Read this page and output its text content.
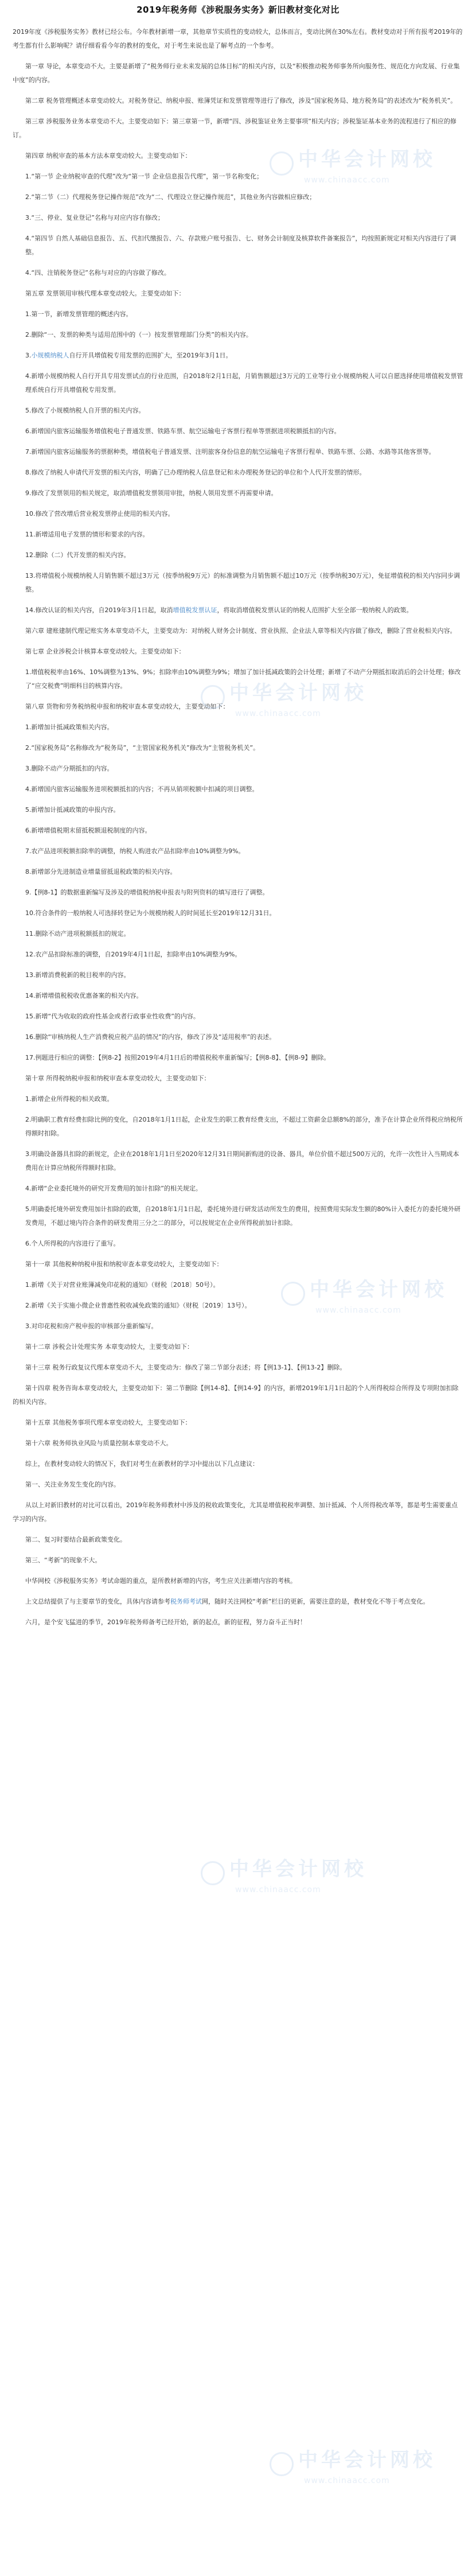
2019年税务师《涉税服务实务》新旧教材变化对比

2019年度《涉税服务实务》教材已经公布。今年教材新增一章，其他章节实质性的变动较大，总体而言，变动比例在30%左右。教材变动对于所有报考2019年的考生都有什么影响呢？请仔细看看今年的教材的变化，对于考生来说也是了解考点的一个参考。

第一章 导论，本章变动不大。主要是新增了“税务师行业未来发展的总体目标”的相关内容，以及“积极推动税务师事务所向服务性、规范化方向发展、行业集中度”的内容。

第二章 税务管理概述本章变动较大。对税务登记、纳税申报、账簿凭证和发票管理等进行了修改，涉及“国家税务局、地方税务局”的表述改为“税务机关”。

第三章 涉税服务业务本章变动不大。主要变动如下：第三章第一节，新增“四、涉税鉴证业务主要事项”相关内容；涉税鉴证基本业务的流程进行了相应的修订。

第四章 纳税审查的基本方法本章变动较大。主要变动如下：

1.“第一节 企业纳税审查的代理”改为“第一节 企业信息报告代理”，第一节名称变化；

2.“第二节（二）代理税务登记操作规范”改为“二、代理设立登记操作规范”，其他业务内容做相应修改；

3.“三、停业、复业登记”名称与对应内容有修改；

4.“第四节 自然人基础信息报告、五、代扣代缴报告、六、存款账户账号报告、七、财务会计制度及核算软件备案报告”，均按照新规定对相关内容进行了调整。

4.“四、注销税务登记”名称与对应的内容做了修改。

第五章 发票领用审核代理本章变动较大。主要变动如下：

1.第一节，新增发票管理的概述内容。

2.删除“一、发票的种类与适用范围中的（一）按发票管理部门分类”的相关内容。

3.小规模纳税人自行开具增值税专用发票的范围扩大，至2019年3月1日。

4.新增小规模纳税人自行开具专用发票试点的行业范围，自2018年2月1日起，月销售额超过3万元的工业等行业小规模纳税人可以自愿选择使用增值税发票管理系统自行开具增值税专用发票。

5.修改了小规模纳税人自开票的相关内容。

6.新增国内旅客运输服务增值税电子普通发票、铁路车票、航空运输电子客票行程单等票据进项税额抵扣的内容。

7.新增国内旅客运输服务的票据种类，增值税电子普通发票、注明旅客身份信息的航空运输电子客票行程单、铁路车票、公路、水路等其他客票等。

8.修改了纳税人申请代开发票的相关内容，明确了已办理纳税人信息登记和未办理税务登记的单位和个人代开发票的情形。

9.修改了发票领用的相关规定，取消增值税发票领用审批，纳税人领用发票不再需要申请。

10.修改了营改增后营业税发票停止使用的相关内容。

11.新增适用电子发票的情形和要求的内容。

12.删除（二）代开发票的相关内容。

13.将增值税小规模纳税人月销售额不超过3万元（按季纳税9万元）的标准调整为月销售额不超过10万元（按季纳税30万元），免征增值税的相关内容同步调整。

14.修改认证的相关内容，自2019年3月1日起，取消增值税发票认证，将取消增值税发票认证的纳税人范围扩大至全部一般纳税人的政策。

第六章 建账建制代理记账实务本章变动不大，主要变动为：对纳税人财务会计制度、营业执照、企业法人章等相关内容做了修改，删除了营业税相关内容。

第七章 企业涉税会计核算本章变动较大。主要变动如下：

1.增值税税率由16%、10%调整为13%、9%；扣除率由10%调整为9%；增加了加计抵减政策的会计处理；新增了不动产分期抵扣取消后的会计处理；修改了“应交税费”明细科目的核算内容。

第八章 货物和劳务税纳税申报和纳税审查本章变动较大，主要变动如下：

1.新增加计抵减政策相关内容。

2.“国家税务局”名称修改为“税务局”，“主管国家税务机关”修改为“主管税务机关”。

3.删除不动产分期抵扣的内容。

4.新增国内旅客运输服务进项税额抵扣的内容；不再从销项税额中扣减的项目调整。

5.新增加计抵减政策的申报内容。

6.新增增值税期末留抵税额退税制度的内容。

7.农产品进项税额扣除率的调整，纳税人购进农产品扣除率由10%调整为9%。

8.新增部分先进制造业增量留抵退税政策的相关内容。

9.【例8-1】的数据重新编写及涉及的增值税纳税申报表与附列资料的填写进行了调整。

10.符合条件的一般纳税人可选择转登记为小规模纳税人的时间延长至2019年12月31日。

11.删除不动产进项税额抵扣的规定。

12.农产品扣除标准的调整，自2019年4月1日起，扣除率由10%调整为9%。

13.新增消费税新的税目税率的内容。

14.新增增值税税收优惠备案的相关内容。

15.新增“代为收取的政府性基金或者行政事业性收费”的内容。

16.删除“审核纳税人生产消费税应税产品的情况”的内容，修改了涉及“适用税率”的表述。

17.例题进行相应的调整：【例8-2】按照2019年4月1日后的增值税税率重新编写；【例8-8】、【例8-9】删除。

第十章 所得税纳税申报和纳税审查本章变动较大，主要变动如下：

1.新增企业所得税的相关政策。

2.明确职工教育经费扣除比例的变化，自2018年1月1日起，企业发生的职工教育经费支出，不超过工资薪金总额8%的部分，准予在计算企业所得税应纳税所得额时扣除。

3.明确设备器具扣除的新规定，企业在2018年1月1日至2020年12月31日期间新购进的设备、器具，单位价值不超过500万元的，允许一次性计入当期成本费用在计算应纳税所得额时扣除。

4.新增“企业委托境外的研究开发费用的加计扣除”的相关规定。

5.明确委托境外研发费用加计扣除的政策，自2018年1月1日起，委托境外进行研发活动所发生的费用，按照费用实际发生额的80%计入委托方的委托境外研发费用，不超过境内符合条件的研发费用三分之二的部分，可以按规定在企业所得税前加计扣除。

6.个人所得税的内容进行了重写。

第十一章 其他税种纳税申报和纳税审查本章变动较大，主要变动如下：

1.新增《关于对营业账簿减免印花税的通知》（财税〔2018〕50号）。

2.新增《关于实施小微企业普惠性税收减免政策的通知》（财税〔2019〕13号）。

3.对印花税和房产税申报的审核部分重新编写。

第十二章 涉税会计处理实务 本章变动较大，主要变动如下：

第十三章 税务行政复议代理本章变动不大，主要变动为：修改了第二节部分表述；将【例13-1】、【例13-2】删除。

第十四章 税务咨询本章变动较大，主要变动如下：第二节删除【例14-8】、【例14-9】的内容，新增2019年1月1日起的个人所得税综合所得及专项附加扣除的相关内容。

第十五章 其他税务事项代理本章变动较大，主要变动如下：

第十六章 税务师执业风险与质量控制本章变动不大。

综上，在教材变动较大的情况下，我们对考生在新教材的学习中提出以下几点建议：

第一、关注业务发生变化的内容。

从以上对新旧教材的对比可以看出，2019年税务师教材中涉及的税收政策变化，尤其是增值税税率调整、加计抵减、个人所得税改革等，都是考生需要重点学习的内容。

第二、复习时要结合最新政策变化。

第三、“考新”的现象不大。

中华网校《涉税服务实务》考试命题的重点，是所教材新增的内容，考生应关注新增内容的考核。

上文总结提供了与主要章节的变化，具体内容请参考税务师考试网，随时关注网校“考新”栏目的更新，需要注意的是，教材变化不等于考点变化。

六月，是个安飞猛进的季节，2019年税务师备考已经开始，新的起点，新的征程，努力奋斗正当时！

中华会计网校
www.chinaacc.com
中华会计网校
www.chinaacc.com
中华会计网校
www.chinaacc.com
中华会计网校
www.chinaacc.com
中华会计网校
www.chinaacc.com
